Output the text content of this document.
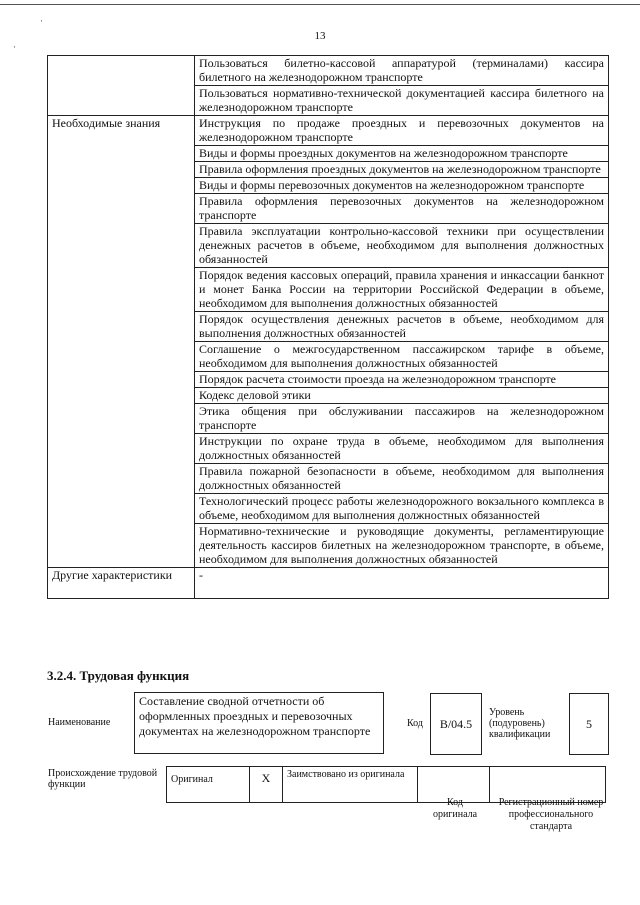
·
·
13
	Пользоваться билетно-кассовой аппаратурой (терминалами) кассира билетного на железнодорожном транспорте
	Пользоваться нормативно-технической документацией кассира билетного на железнодорожном транспорте
Необходимые знания	Инструкция по продаже проездных и перевозочных документов на железнодорожном транспорте
	Виды и формы проездных документов на железнодорожном транспорте
	Правила оформления проездных документов на железнодорожном транспорте
	Виды и формы перевозочных документов на железнодорожном транспорте
	Правила оформления перевозочных документов на железнодорожном транспорте
	Правила эксплуатации контрольно-кассовой техники при осуществлении денежных расчетов в объеме, необходимом для выполнения должностных обязанностей
	Порядок ведения кассовых операций, правила хранения и инкассации банкнот и монет Банка России на территории Российской Федерации в объеме, необходимом для выполнения должностных обязанностей
	Порядок осуществления денежных расчетов в объеме, необходимом для выполнения должностных обязанностей
	Соглашение о межгосударственном пассажирском тарифе в объеме, необходимом для выполнения должностных обязанностей
	Порядок расчета стоимости проезда на железнодорожном транспорте
	Кодекс деловой этики
	Этика общения при обслуживании пассажиров на железнодорожном транспорте
	Инструкции по охране труда в объеме, необходимом для выполнения должностных обязанностей
	Правила пожарной безопасности в объеме, необходимом для выполнения должностных обязанностей
	Технологический процесс работы железнодорожного вокзального комплекса в объеме, необходимом для выполнения должностных обязанностей
	Нормативно-технические и руководящие документы, регламентирующие деятельность кассиров билетных на железнодорожном транспорте, в объеме, необходимом для выполнения должностных обязанностей
Другие характеристики	-
3.2.4. Трудовая функция
Наименование
Составление сводной отчетности об оформленных проездных и перевозочных документах на железнодорожном транспорте
Код	В/04.5
Уровень (подуровень) квалификации
5
Происхождение трудовой функции	Оригинал	X	Заимствовано из оригинала		
Код оригинала
Регистрационный номер профессионального стандарта
